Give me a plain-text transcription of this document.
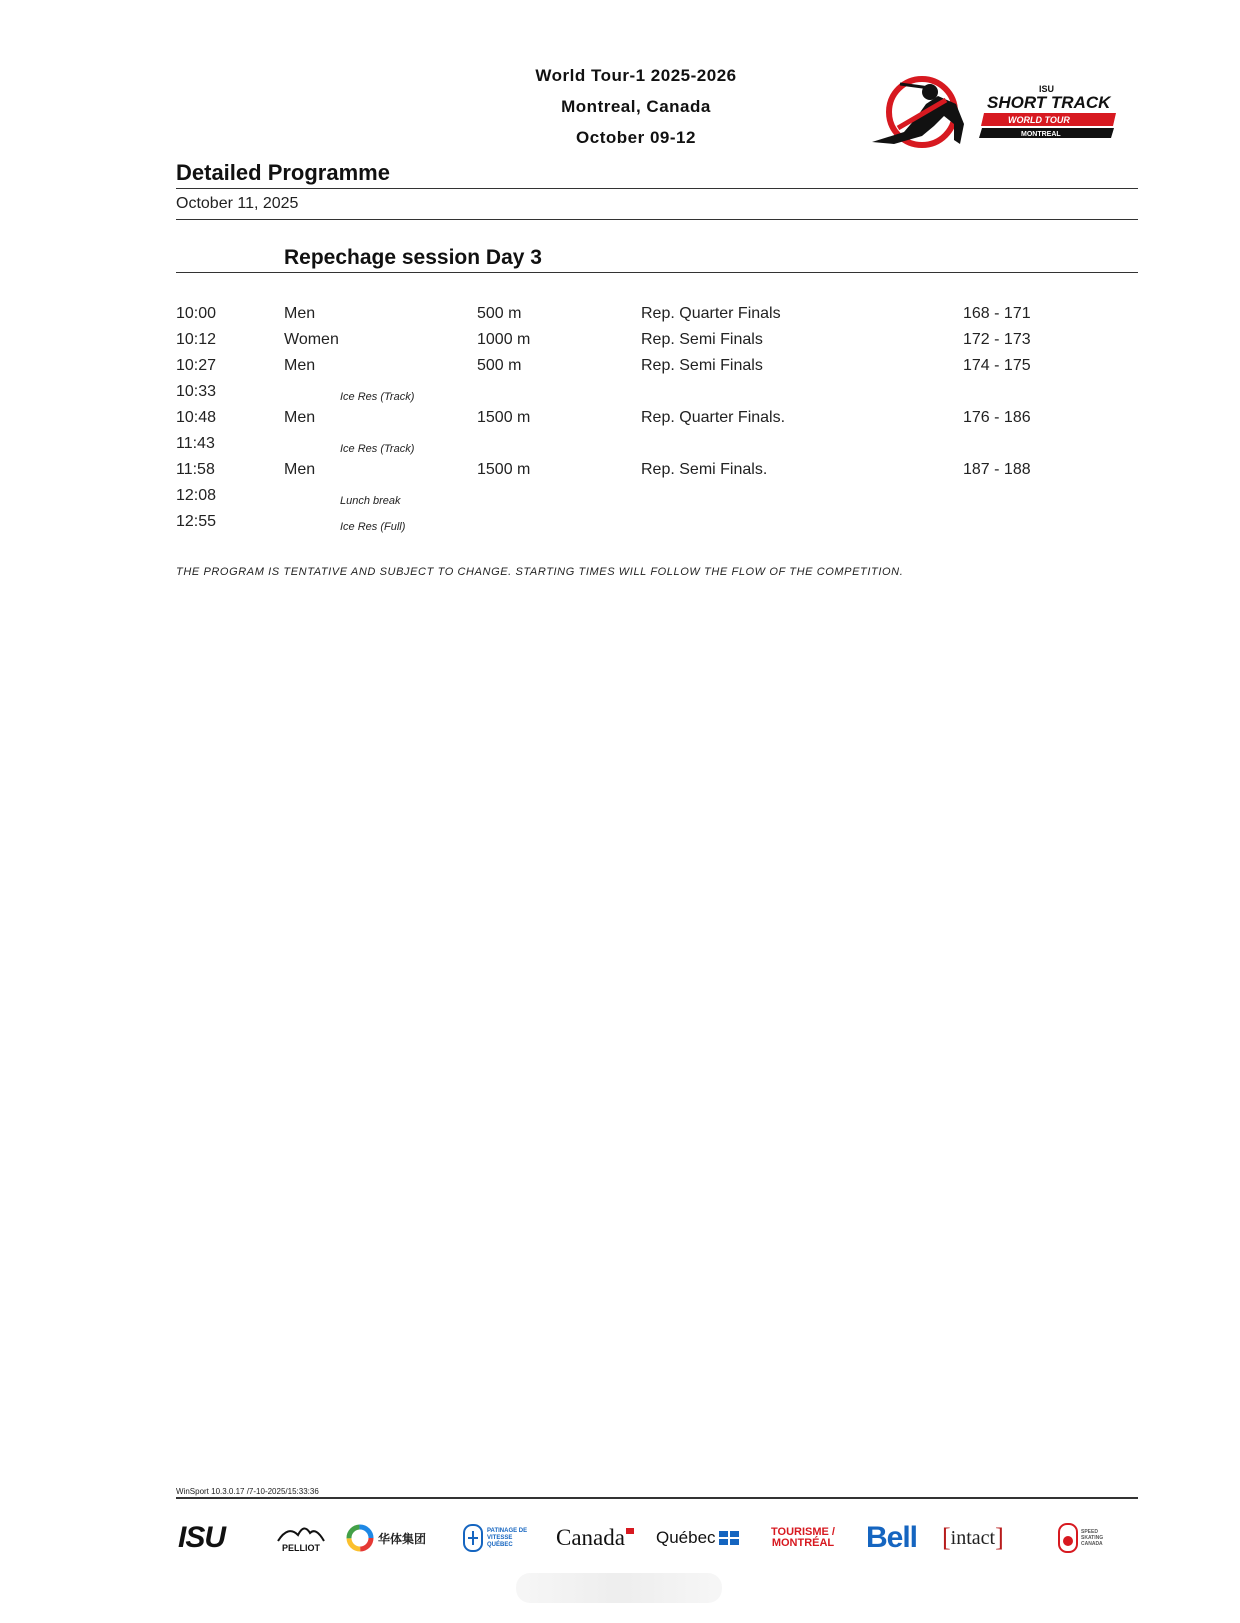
World Tour-1 2025-2026
Montreal, Canada
October 09-12
ISU
SHORT TRACK
WORLD TOUR
MONTREAL
Detailed Programme
October 11, 2025
Repechage session Day 3
10:00	Men	500 m	Rep. Quarter Finals	168 - 171
10:12	Women	1000 m	Rep. Semi Finals	172 - 173
10:27	Men	500 m	Rep. Semi Finals	174 - 175
10:33	Ice Res (Track)
10:48	Men	1500 m	Rep. Quarter Finals.	176 - 186
11:43	Ice Res (Track)
11:58	Men	1500 m	Rep. Semi Finals.	187 - 188
12:08	Lunch break
12:55	Ice Res (Full)
THE PROGRAM IS TENTATIVE AND SUBJECT TO CHANGE. STARTING TIMES WILL FOLLOW THE FLOW OF THE COMPETITION.
WinSport 10.3.0.17 /7-10-2025/15:33:36
ISU	PELLIOT
华体集团
PATINAGE DE VITESSE QUÉBEC	Canada Québec	TOURISME / MONTRÉAL	Bell [ intact ]	SPEED SKATING CANADA
